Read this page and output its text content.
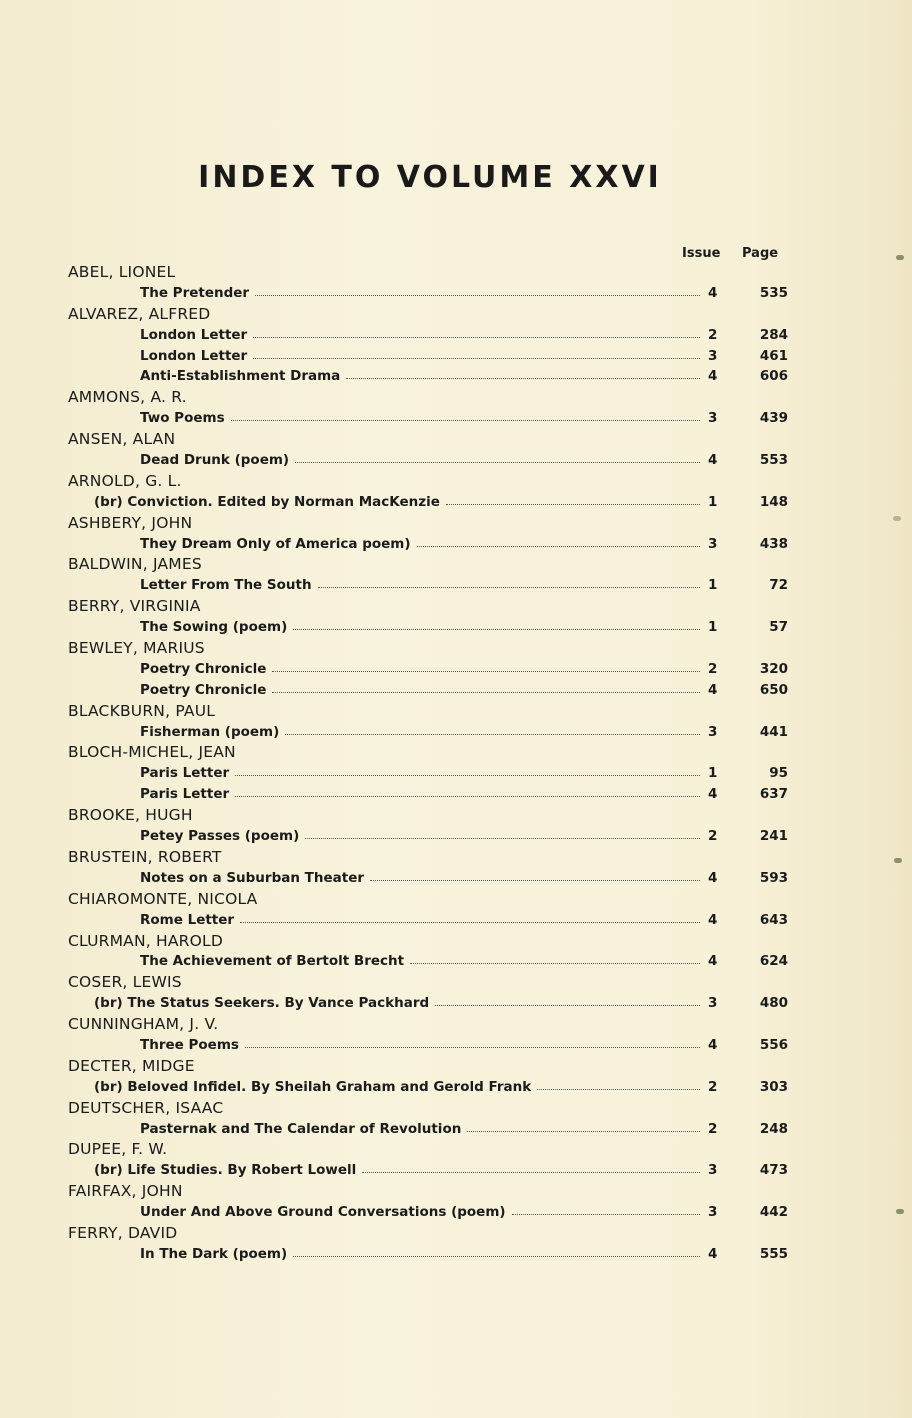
INDEX TO VOLUME XXVI
Issue Page
ABEL, LIONEL
The Pretender	4	535
ALVAREZ, ALFRED
London Letter	2	284
London Letter	3	461
Anti-Establishment Drama	4	606
AMMONS, A. R.
Two Poems	3	439
ANSEN, ALAN
Dead Drunk (poem)	4	553
ARNOLD, G. L.
(br) Conviction. Edited by Norman MacKenzie	1	148
ASHBERY, JOHN
They Dream Only of America poem)	3	438
BALDWIN, JAMES
Letter From The South	1	72
BERRY, VIRGINIA
The Sowing (poem)	1	57
BEWLEY, MARIUS
Poetry Chronicle	2	320
Poetry Chronicle	4	650
BLACKBURN, PAUL
Fisherman (poem)	3	441
BLOCH-MICHEL, JEAN
Paris Letter	1	95
Paris Letter	4	637
BROOKE, HUGH
Petey Passes (poem)	2	241
BRUSTEIN, ROBERT
Notes on a Suburban Theater	4	593
CHIAROMONTE, NICOLA
Rome Letter	4	643
CLURMAN, HAROLD
The Achievement of Bertolt Brecht	4	624
COSER, LEWIS
(br) The Status Seekers. By Vance Packhard	3	480
CUNNINGHAM, J. V.
Three Poems	4	556
DECTER, MIDGE
(br) Beloved Infidel. By Sheilah Graham and Gerold Frank	2	303
DEUTSCHER, ISAAC
Pasternak and The Calendar of Revolution	2	248
DUPEE, F. W.
(br) Life Studies. By Robert Lowell	3	473
FAIRFAX, JOHN
Under And Above Ground Conversations (poem)	3	442
FERRY, DAVID
In The Dark (poem)	4	555
